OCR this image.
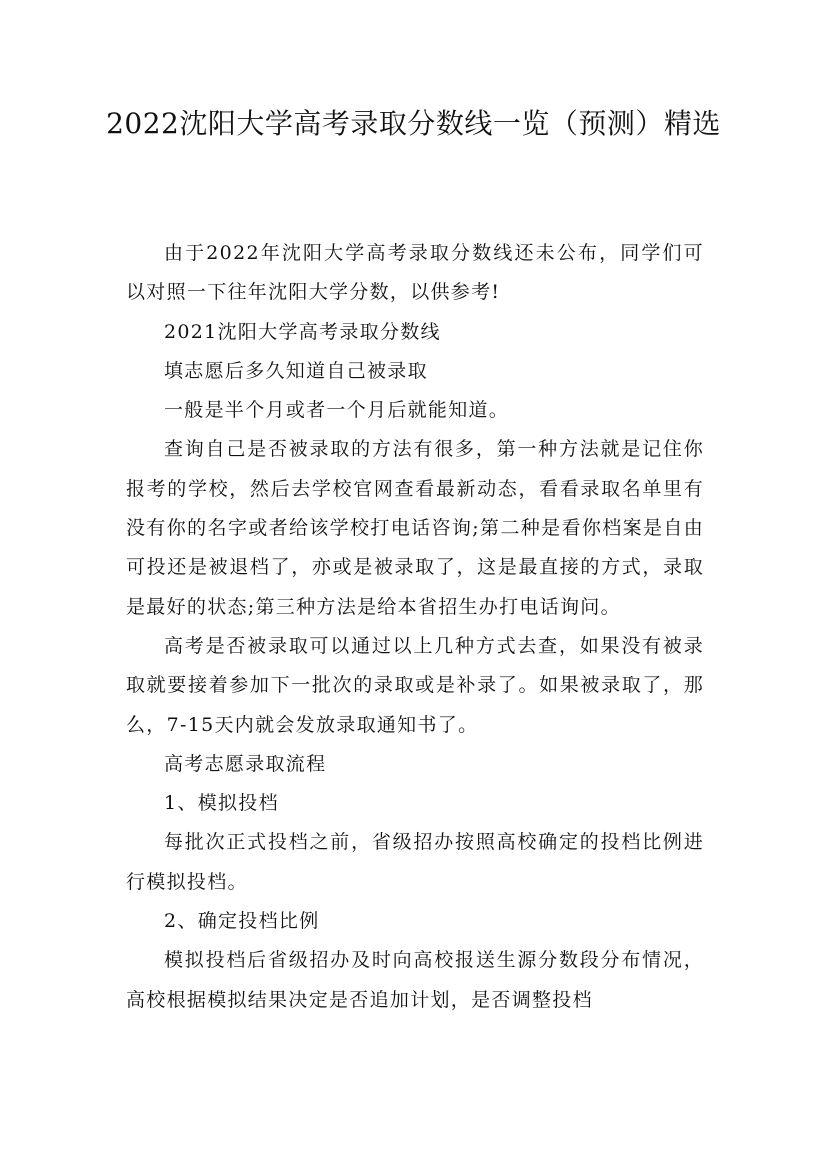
2022沈阳大学高考录取分数线一览（预测）精选

由于2022年沈阳大学高考录取分数线还未公布，同学们可以对照一下往年沈阳大学分数，以供参考!

2021沈阳大学高考录取分数线

填志愿后多久知道自己被录取

一般是半个月或者一个月后就能知道。

查询自己是否被录取的方法有很多，第一种方法就是记住你报考的学校，然后去学校官网查看最新动态，看看录取名单里有没有你的名字或者给该学校打电话咨询;第二种是看你档案是自由可投还是被退档了，亦或是被录取了，这是最直接的方式，录取是最好的状态;第三种方法是给本省招生办打电话询问。

高考是否被录取可以通过以上几种方式去查，如果没有被录取就要接着参加下一批次的录取或是补录了。如果被录取了，那么，7-15天内就会发放录取通知书了。

高考志愿录取流程

1、模拟投档

每批次正式投档之前，省级招办按照高校确定的投档比例进行模拟投档。

2、确定投档比例

模拟投档后省级招办及时向高校报送生源分数段分布情况，高校根据模拟结果决定是否追加计划，是否调整投档
